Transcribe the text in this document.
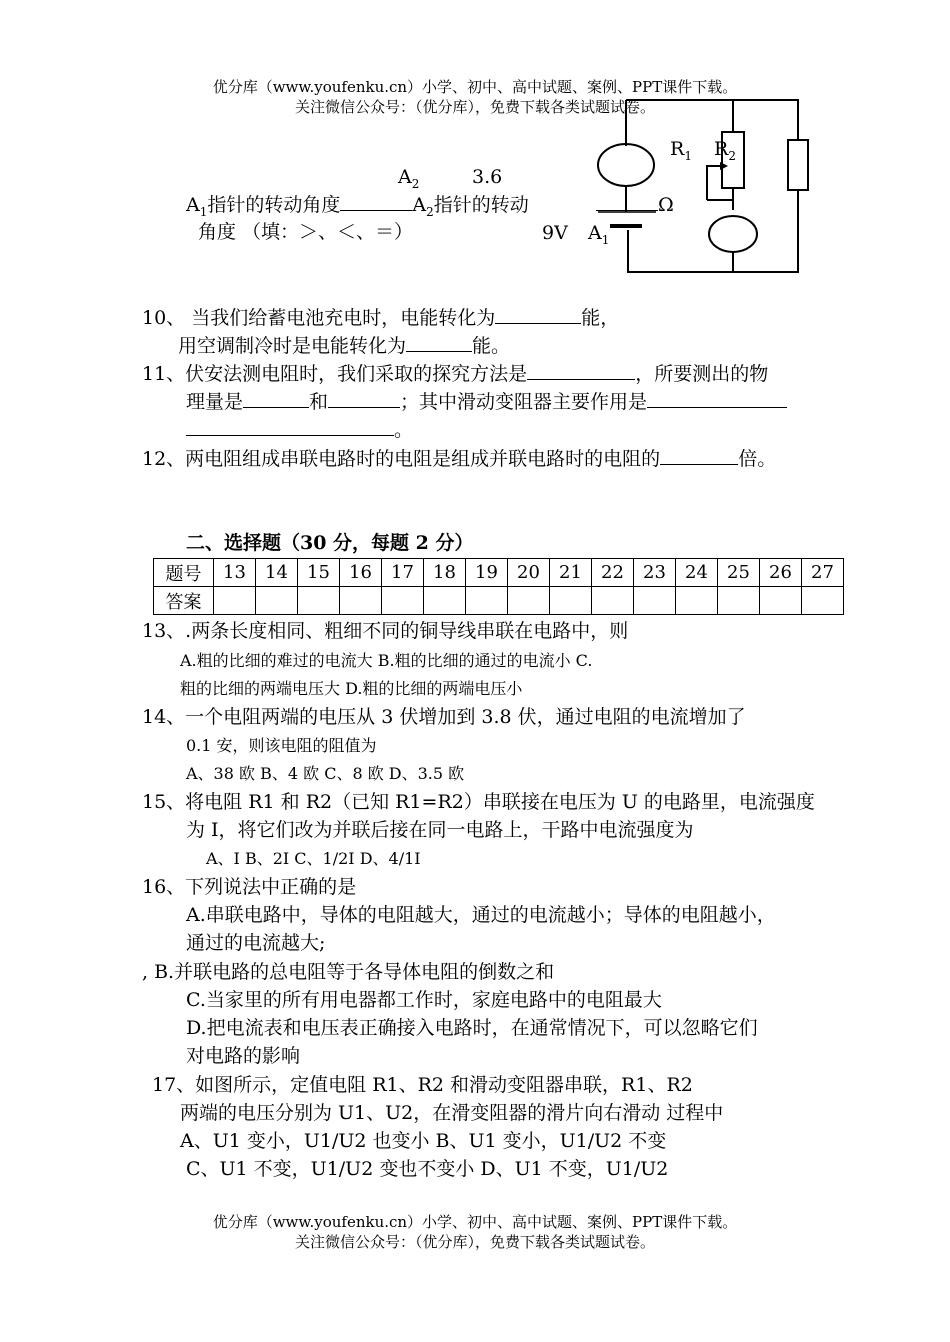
优分库（www.youfenku.cn）小学、初中、高中试题、案例、PPT课件下载。
关注微信公众号：（优分库），免费下载各类试题试卷。
$R_1$ $R_2$
$A_2$	3.6
$A_1$指针的转动角度	$A_2$指针的转动	Ω
角度 （填：＞、＜、＝）	9V $A_1$
10、 当我们给蓄电池充电时，电能转化为	能，
用空调制冷时是电能转化为	能。
11、伏安法测电阻时，我们采取的探究方法是	，所要测出的物
理量是	和	；其中滑动变阻器主要作用是
。
12、两电阻组成串联电路时的电阻是组成并联电路时的电阻的	倍。
二、选择题（30 分，每题 2 分）
题号	13	14	15	16	17	18	19	20	21	22	23	24	25	26	27
答案															
13、.两条长度相同、粗细不同的铜导线串联在电路中，则
A.粗的比细的难过的电流大 B.粗的比细的通过的电流小 C.
粗的比细的两端电压大 D.粗的比细的两端电压小
14、一个电阻两端的电压从 3 伏增加到 3.8 伏，通过电阻的电流增加了
0.1 安，则该电阻的阻值为
A、38 欧 B、4 欧 C、8 欧 D、3.5 欧
15、将电阻 R1 和 R2（已知 R1=R2）串联接在电压为 U 的电路里，电流强度
为 I，将它们改为并联后接在同一电路上，干路中电流强度为
A、I B、2I C、1/2I D、4/1I
16、下列说法中正确的是
A.串联电路中，导体的电阻越大，通过的电流越小；导体的电阻越小，
通过的电流越大;
, B.并联电路的总电阻等于各导体电阻的倒数之和
C.当家里的所有用电器都工作时，家庭电路中的电阻最大
D.把电流表和电压表正确接入电路时，在通常情况下，可以忽略它们
对电路的影响
17、如图所示，定值电阻 R1、R2 和滑动变阻器串联，R1、R2
两端的电压分别为 U1、U2，在滑变阻器的滑片向右滑动 过程中
A、U1 变小，U1/U2 也变小 B、U1 变小，U1/U2 不变
C、U1 不变，U1/U2 变也不变小 D、U1 不变，U1/U2
优分库（www.youfenku.cn）小学、初中、高中试题、案例、PPT课件下载。
关注微信公众号：（优分库），免费下载各类试题试卷。
